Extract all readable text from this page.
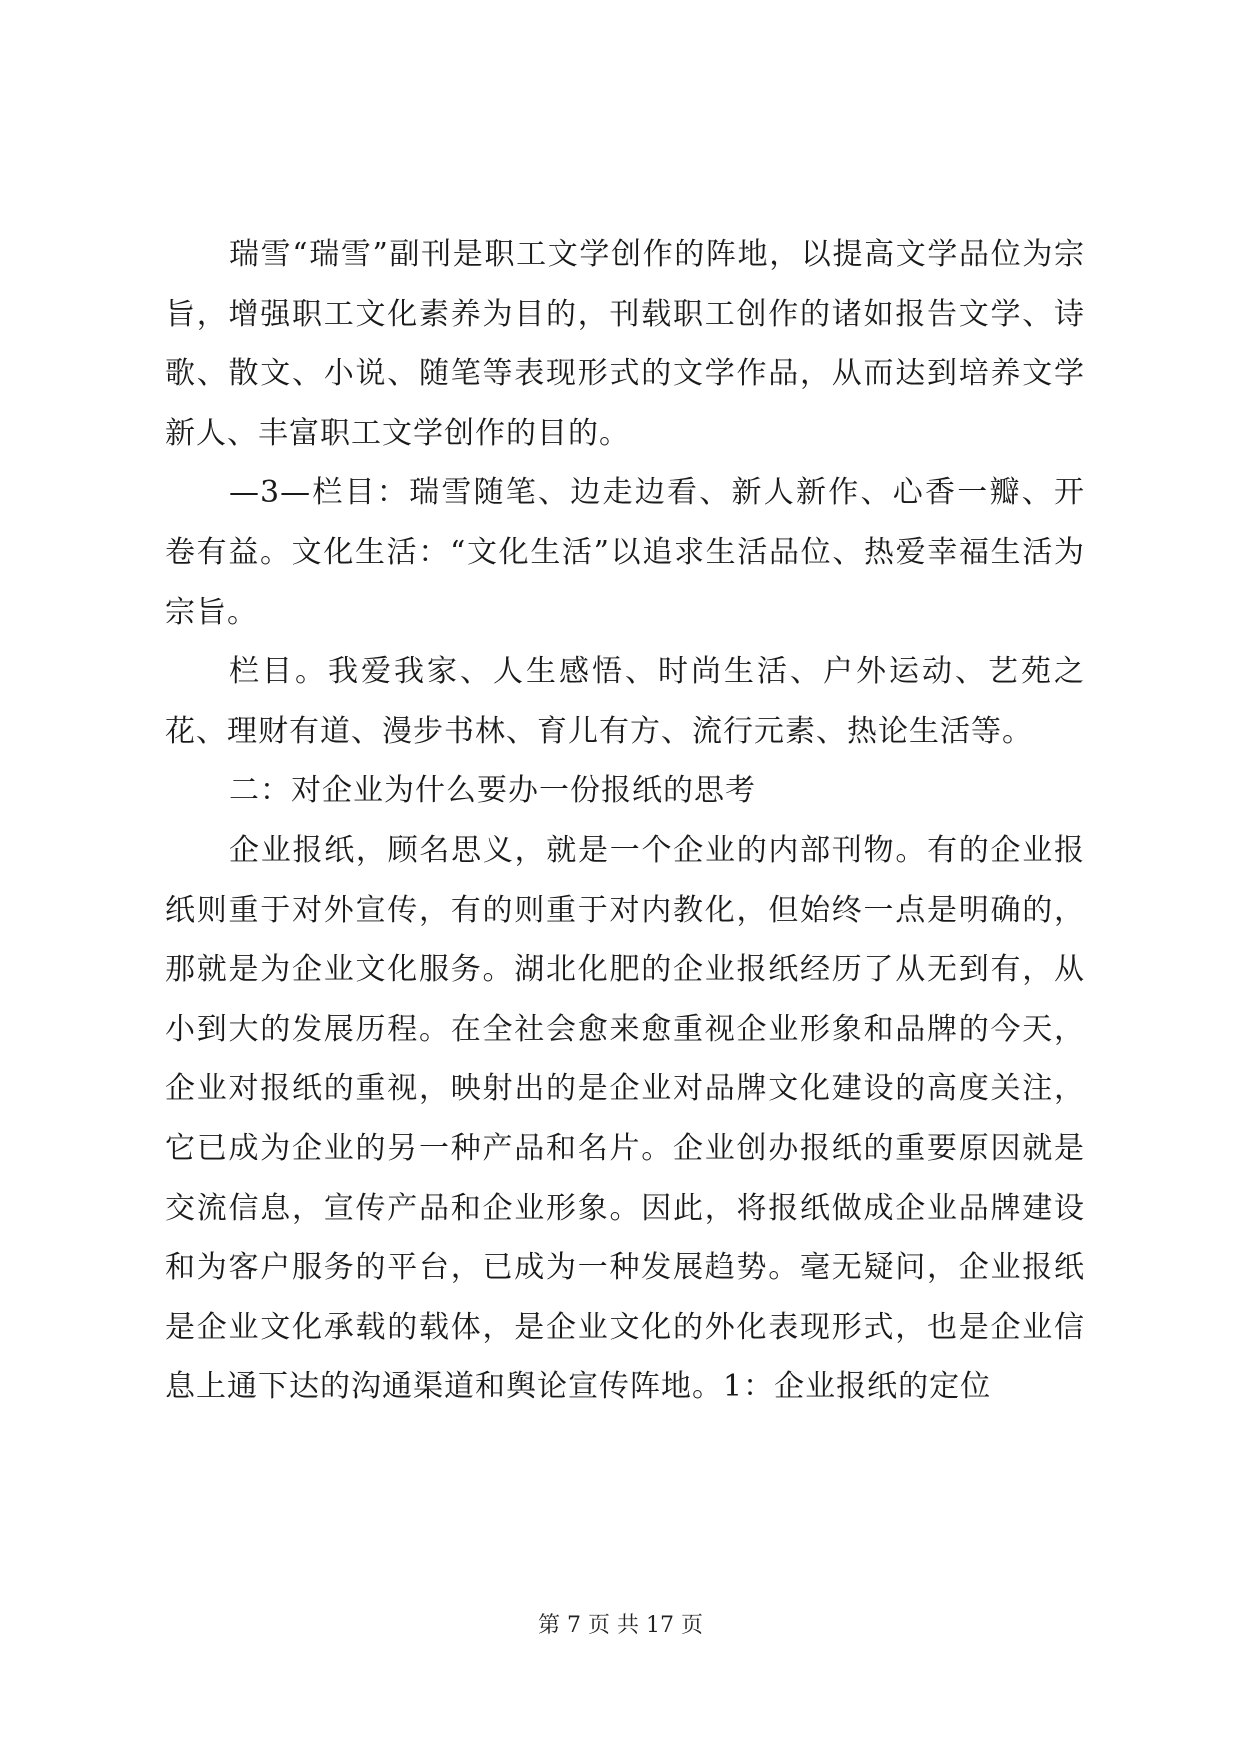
瑞雪“瑞雪”副刊是职工文学创作的阵地，以提高文学品位为宗旨，增强职工文化素养为目的，刊载职工创作的诸如报告文学、诗歌、散文、小说、随笔等表现形式的文学作品，从而达到培养文学新人、丰富职工文学创作的目的。

—3—栏目：瑞雪随笔、边走边看、新人新作、心香一瓣、开卷有益。文化生活：“文化生活”以追求生活品位、热爱幸福生活为宗旨。

栏目。我爱我家、人生感悟、时尚生活、户外运动、艺苑之花、理财有道、漫步书林、育儿有方、流行元素、热论生活等。

二：对企业为什么要办一份报纸的思考

企业报纸，顾名思义，就是一个企业的内部刊物。有的企业报纸则重于对外宣传，有的则重于对内教化，但始终一点是明确的，那就是为企业文化服务。湖北化肥的企业报纸经历了从无到有，从小到大的发展历程。在全社会愈来愈重视企业形象和品牌的今天，企业对报纸的重视，映射出的是企业对品牌文化建设的高度关注，它已成为企业的另一种产品和名片。企业创办报纸的重要原因就是交流信息，宣传产品和企业形象。因此，将报纸做成企业品牌建设和为客户服务的平台，已成为一种发展趋势。毫无疑问，企业报纸是企业文化承载的载体，是企业文化的外化表现形式，也是企业信息上通下达的沟通渠道和舆论宣传阵地。1：企业报纸的定位

第 7 页 共 17 页
